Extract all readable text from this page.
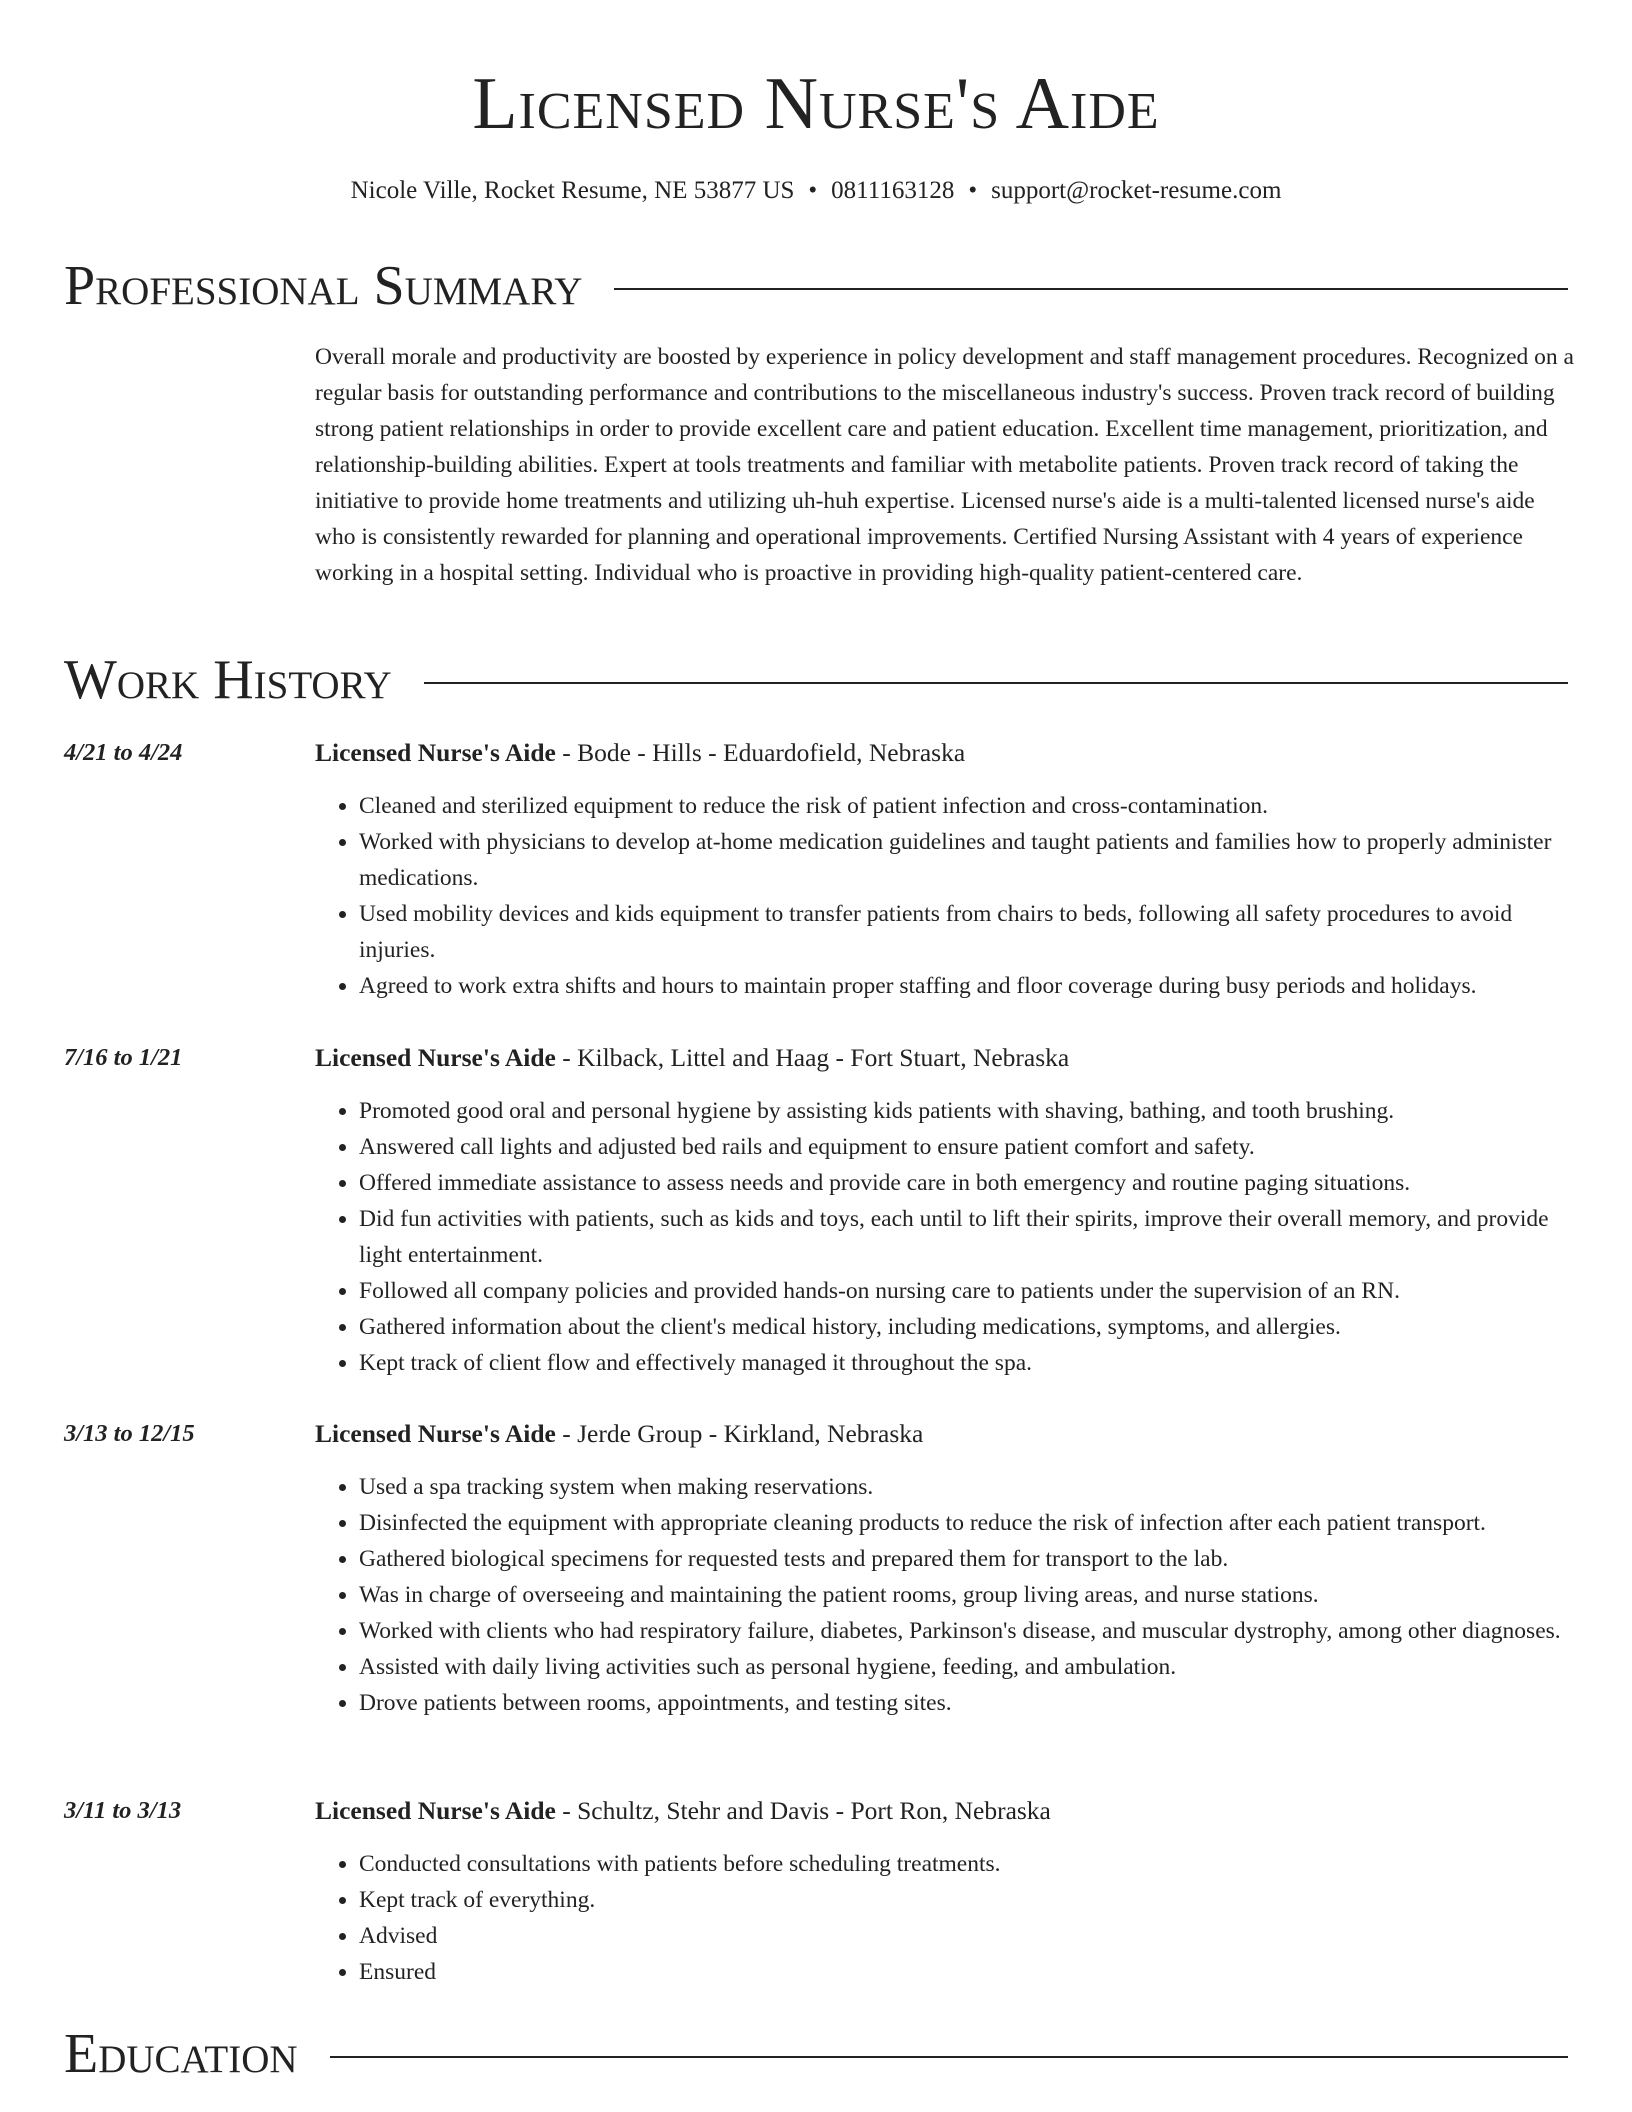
Licensed Nurse's Aide
Nicole Ville, Rocket Resume, NE 53877 US • 0811163128 • support@rocket-resume.com
Professional Summary
Overall morale and productivity are boosted by experience in policy development and staff management procedures. Recognized on a regular basis for outstanding performance and contributions to the miscellaneous industry's success. Proven track record of building strong patient relationships in order to provide excellent care and patient education. Excellent time management, prioritization, and relationship-building abilities. Expert at tools treatments and familiar with metabolite patients. Proven track record of taking the initiative to provide home treatments and utilizing uh-huh expertise. Licensed nurse's aide is a multi-talented licensed nurse's aide who is consistently rewarded for planning and operational improvements. Certified Nursing Assistant with 4 years of experience working in a hospital setting. Individual who is proactive in providing high-quality patient-centered care.
Work History
4/21 to 4/24	Licensed Nurse's Aide - Bode - Hills - Eduardofield, Nebraska
• Cleaned and sterilized equipment to reduce the risk of patient infection and cross-contamination.
• Worked with physicians to develop at-home medication guidelines and taught patients and families how to properly administer medications.
• Used mobility devices and kids equipment to transfer patients from chairs to beds, following all safety procedures to avoid injuries.
• Agreed to work extra shifts and hours to maintain proper staffing and floor coverage during busy periods and holidays.
7/16 to 1/21	Licensed Nurse's Aide - Kilback, Littel and Haag - Fort Stuart, Nebraska
• Promoted good oral and personal hygiene by assisting kids patients with shaving, bathing, and tooth brushing.
• Answered call lights and adjusted bed rails and equipment to ensure patient comfort and safety.
• Offered immediate assistance to assess needs and provide care in both emergency and routine paging situations.
• Did fun activities with patients, such as kids and toys, each until to lift their spirits, improve their overall memory, and provide light entertainment.
• Followed all company policies and provided hands-on nursing care to patients under the supervision of an RN.
• Gathered information about the client's medical history, including medications, symptoms, and allergies.
• Kept track of client flow and effectively managed it throughout the spa.
3/13 to 12/15	Licensed Nurse's Aide - Jerde Group - Kirkland, Nebraska
• Used a spa tracking system when making reservations.
• Disinfected the equipment with appropriate cleaning products to reduce the risk of infection after each patient transport.
• Gathered biological specimens for requested tests and prepared them for transport to the lab.
• Was in charge of overseeing and maintaining the patient rooms, group living areas, and nurse stations.
• Worked with clients who had respiratory failure, diabetes, Parkinson's disease, and muscular dystrophy, among other diagnoses.
• Assisted with daily living activities such as personal hygiene, feeding, and ambulation.
• Drove patients between rooms, appointments, and testing sites.
3/11 to 3/13	Licensed Nurse's Aide - Schultz, Stehr and Davis - Port Ron, Nebraska
• Conducted consultations with patients before scheduling treatments.
• Kept track of everything.
• Advised
• Ensured
Education
